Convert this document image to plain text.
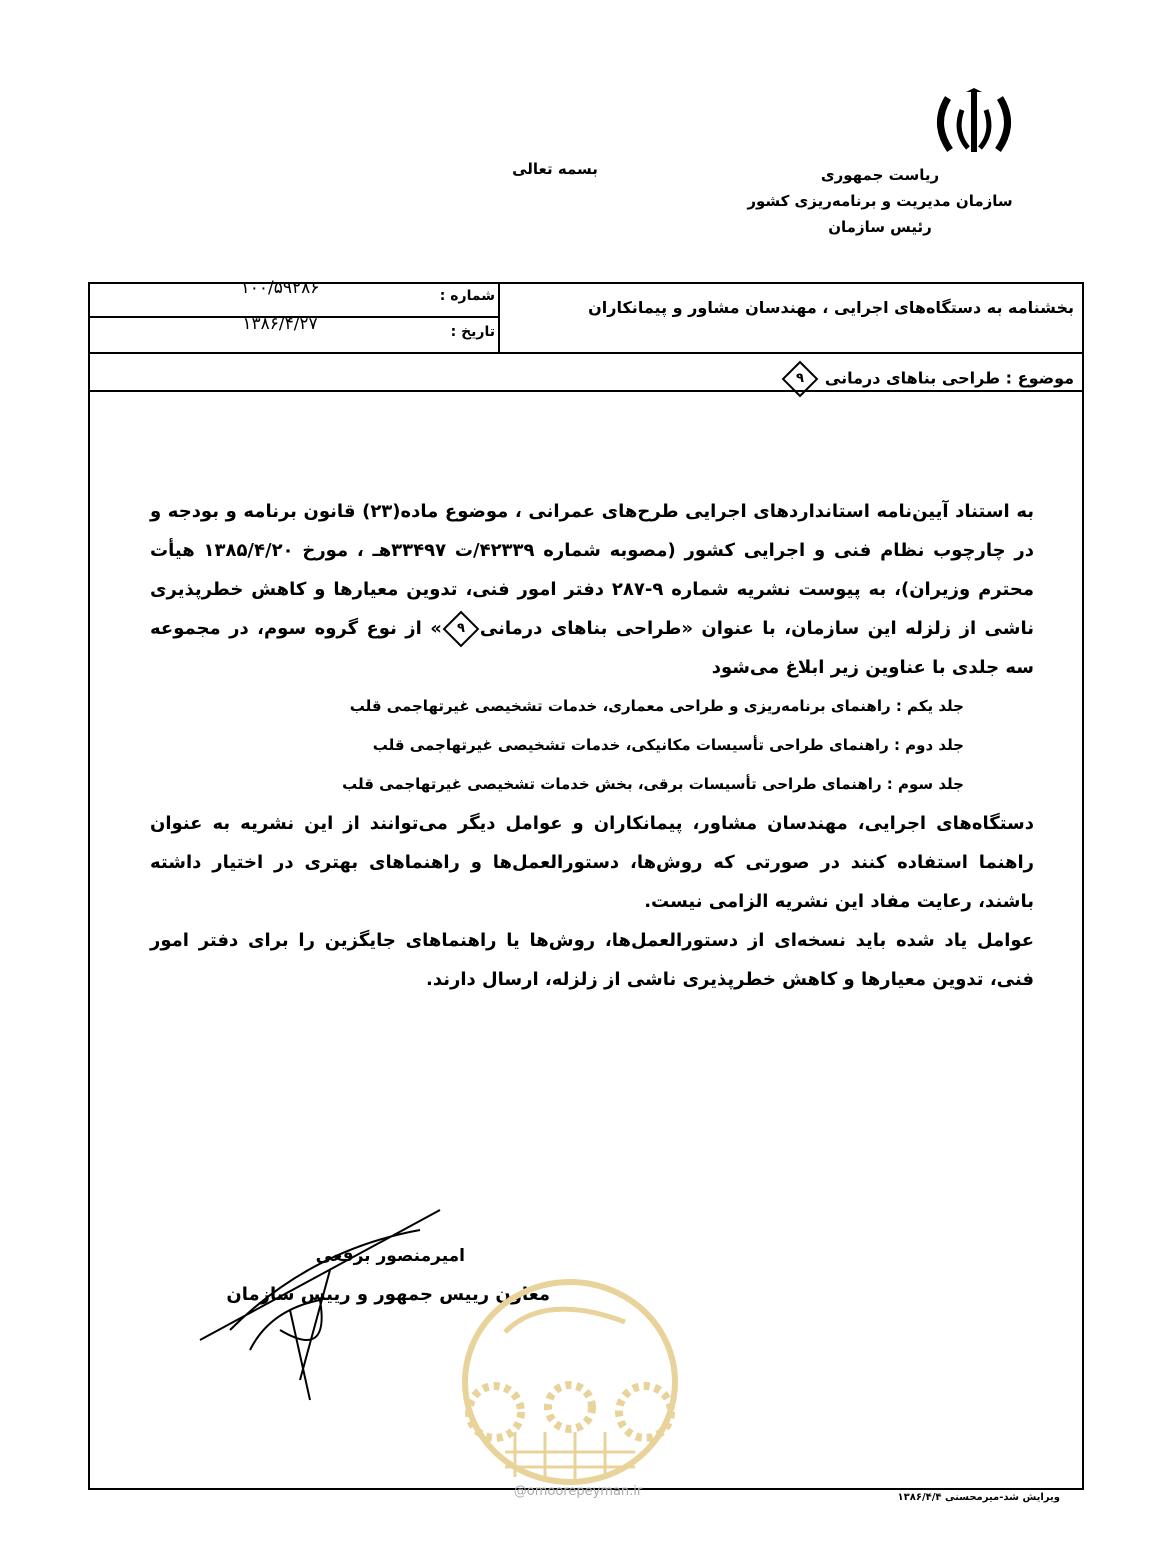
ریاست جمهوری
سازمان مدیریت و برنامه‌ریزی کشور
رئیس سازمان
بسمه تعالی
بخشنامه به دستگاه‌های اجرایی ، مهندسان مشاور و پیمانکاران
شماره :
۱۰۰/۵۹۲۸۶
تاریخ :
۱۳۸۶/۴/۲۷
موضوع : طراحی بناهای درمانی
۹

به استناد آیین‌نامه استانداردهای اجرایی طرح‌های عمرانی ، موضوع ماده(۲۳) قانون برنامه و بودجه و در چارچوب نظام فنی و اجرایی کشور (مصوبه شماره ۴۲۳۳۹/ت ۳۳۴۹۷هـ ، مورخ ۱۳۸۵/۴/۲۰ هیأت محترم وزیران)، به پیوست نشریه شماره ۹-۲۸۷ دفتر امور فنی، تدوین معیارها و کاهش خطرپذیری ناشی از زلزله این سازمان، با عنوان «طراحی بناهای درمانی
۹
» از نوع گروه سوم، در مجموعه سه جلدی با عناوین زیر ابلاغ می‌شود

جلد یکم : راهنمای برنامه‌ریزی و طراحی معماری، خدمات تشخیصی غیرتهاجمی قلب
جلد دوم : راهنمای طراحی تأسیسات مکانیکی، خدمات تشخیصی غیرتهاجمی قلب
جلد سوم : راهنمای طراحی تأسیسات برقی، بخش خدمات تشخیصی غیرتهاجمی قلب

دستگاه‌های اجرایی، مهندسان مشاور، پیمانکاران و عوامل دیگر می‌توانند از این نشریه به عنوان راهنما استفاده کنند در صورتی که روش‌ها، دستورالعمل‌ها و راهنماهای بهتری در اختیار داشته باشند، رعایت مفاد این نشریه الزامی نیست.

عوامل یاد شده باید نسخه‌ای از دستورالعمل‌ها، روش‌ها یا راهنماهای جایگزین را برای دفتر امور فنی، تدوین معیارها و کاهش خطرپذیری ناشی از زلزله، ارسال دارند.

امیرمنصور برقعی
معاون رییس جمهور و رییس سازمان
ویرایش شد-میرمحسنی ۱۳۸۶/۴/۴
@omoorepeyman.ir
